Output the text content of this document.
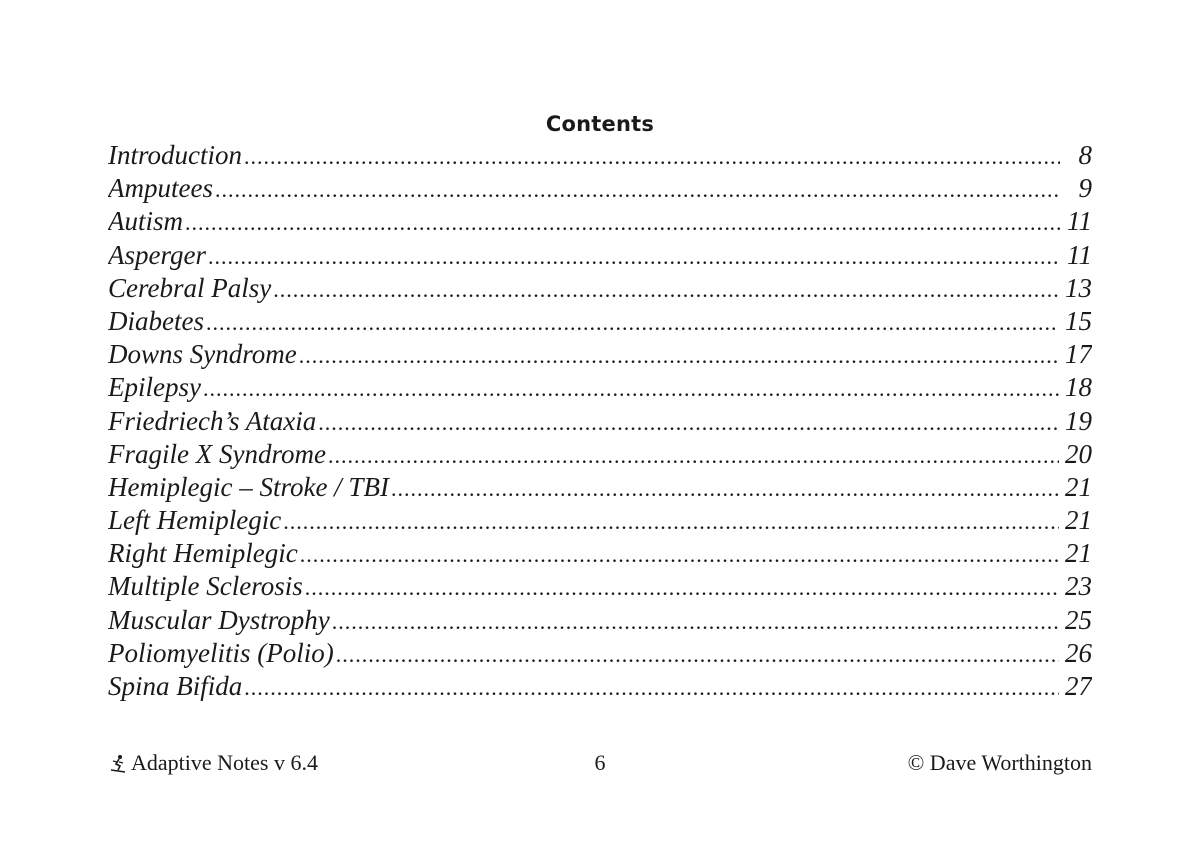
Contents
Introduction .....	8
Amputees .....	9
Autism .....	11
Asperger .....	11
Cerebral Palsy .....	13
Diabetes .....	15
Downs Syndrome .....	17
Epilepsy .....	18
Friedriech’s Ataxia .....	19
Fragile X Syndrome .....	20
Hemiplegic – Stroke / TBI .....	21
Left Hemiplegic .....	21
Right Hemiplegic .....	21
Multiple Sclerosis .....	23
Muscular Dystrophy .....	25
Poliomyelitis (Polio) .....	26
Spina Bifida .....	27
Adaptive Notes v 6.4	6	© Dave Worthington
